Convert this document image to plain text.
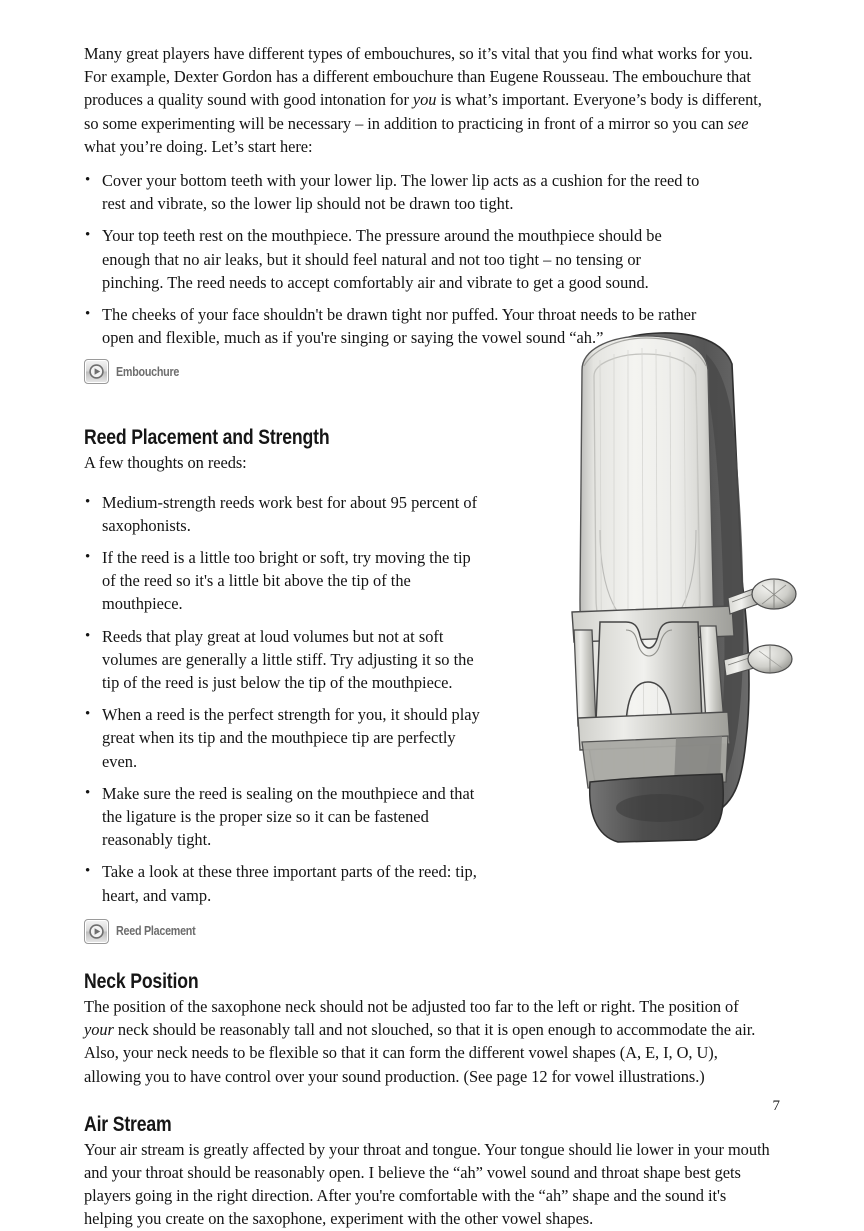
Many great players have different types of embouchures, so it’s vital that you find what works for you. For example, Dexter Gordon has a different embouchure than Eugene Rousseau. The embouchure that produces a quality sound with good intonation for you is what’s important. Everyone’s body is different, so some experimenting will be necessary – in addition to practicing in front of a mirror so you can see what you’re doing. Let’s start here:

• Cover your bottom teeth with your lower lip. The lower lip acts as a cushion for the reed to rest and vibrate, so the lower lip should not be drawn too tight.
• Your top teeth rest on the mouthpiece. The pressure around the mouthpiece should be enough that no air leaks, but it should feel natural and not too tight – no tensing or pinching. The reed needs to accept comfortably air and vibrate to get a good sound.
• The cheeks of your face shouldn't be drawn tight nor puffed. Your throat needs to be rather open and flexible, much as if you're singing or saying the vowel sound “ah.”
Embouchure
Reed Placement and Strength

A few thoughts on reeds:

• Medium-strength reeds work best for about 95 percent of saxophonists.
• If the reed is a little too bright or soft, try moving the tip of the reed so it's a little bit above the tip of the mouthpiece.
• Reeds that play great at loud volumes but not at soft volumes are generally a little stiff. Try adjusting it so the tip of the reed is just below the tip of the mouthpiece.
• When a reed is the perfect strength for you, it should play great when its tip and the mouthpiece tip are perfectly even.
• Make sure the reed is sealing on the mouthpiece and that the ligature is the proper size so it can be fastened reasonably tight.
• Take a look at these three important parts of the reed: tip, heart, and vamp.
Reed Placement
Neck Position

The position of the saxophone neck should not be adjusted too far to the left or right. The position of your neck should be reasonably tall and not slouched, so that it is open enough to accommodate the air. Also, your neck needs to be flexible so that it can form the different vowel shapes (A, E, I, O, U), allowing you to have control over your sound production. (See page 12 for vowel illustrations.)

Air Stream

Your air stream is greatly affected by your throat and tongue. Your tongue should lie lower in your mouth and your throat should be reasonably open. I believe the “ah” vowel sound and throat shape best gets players going in the right direction. After you're comfortable with the “ah” shape and the sound it's helping you create on the saxophone, experiment with the other vowel shapes.

7
